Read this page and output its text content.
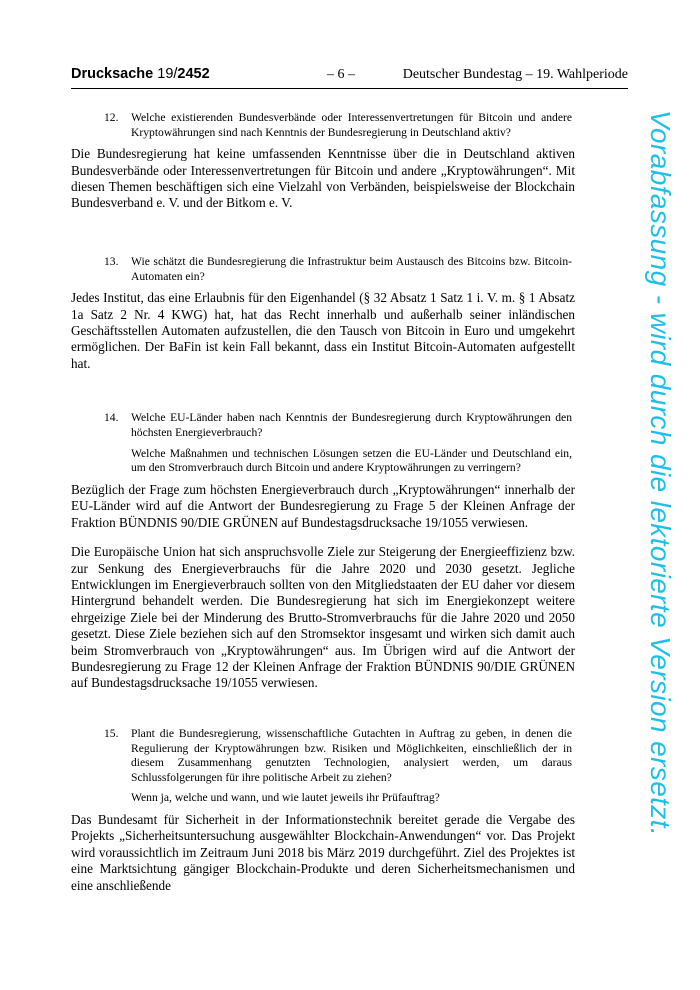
Drucksache 19/2452	– 6 –	Deutscher Bundestag – 19. Wahlperiode
12.	Welche existierenden Bundesverbände oder Interessenvertretungen für Bitcoin und andere Kryptowährungen sind nach Kenntnis der Bundesregierung in Deutschland aktiv?

Die Bundesregierung hat keine umfassenden Kenntnisse über die in Deutschland aktiven Bundesverbände oder Interessenvertretungen für Bitcoin und andere „Kryptowährungen“. Mit diesen Themen beschäftigen sich eine Vielzahl von Verbänden, beispielsweise der Blockchain Bundesverband e. V. und der Bitkom e. V.

13.	Wie schätzt die Bundesregierung die Infrastruktur beim Austausch des Bitcoins bzw. Bitcoin-Automaten ein?

Jedes Institut, das eine Erlaubnis für den Eigenhandel (§ 32 Absatz 1 Satz 1 i. V. m. § 1 Absatz 1a Satz 2 Nr. 4 KWG) hat, hat das Recht innerhalb und außerhalb seiner inländischen Geschäftsstellen Automaten aufzustellen, die den Tausch von Bitcoin in Euro und umgekehrt ermöglichen. Der BaFin ist kein Fall bekannt, dass ein Institut Bitcoin-Automaten aufgestellt hat.

14.	Welche EU-Länder haben nach Kenntnis der Bundesregierung durch Kryptowährungen den höchsten Energieverbrauch?
Welche Maßnahmen und technischen Lösungen setzen die EU-Länder und Deutschland ein, um den Stromverbrauch durch Bitcoin und andere Kryptowährungen zu verringern?

Bezüglich der Frage zum höchsten Energieverbrauch durch „Kryptowährungen“ innerhalb der EU-Länder wird auf die Antwort der Bundesregierung zu Frage 5 der Kleinen Anfrage der Fraktion BÜNDNIS 90/DIE GRÜNEN auf Bundestagsdrucksache 19/1055 verwiesen.

Die Europäische Union hat sich anspruchsvolle Ziele zur Steigerung der Energieeffizienz bzw. zur Senkung des Energieverbrauchs für die Jahre 2020 und 2030 gesetzt. Jegliche Entwicklungen im Energieverbrauch sollten von den Mitgliedstaaten der EU daher vor diesem Hintergrund behandelt werden. Die Bundesregierung hat sich im Energiekonzept weitere ehrgeizige Ziele bei der Minderung des Brutto-Stromverbrauchs für die Jahre 2020 und 2050 gesetzt. Diese Ziele beziehen sich auf den Stromsektor insgesamt und wirken sich damit auch beim Stromverbrauch von „Kryptowährungen“ aus. Im Übrigen wird auf die Antwort der Bundesregierung zu Frage 12 der Kleinen Anfrage der Fraktion BÜNDNIS 90/DIE GRÜNEN auf Bundestagsdrucksache 19/1055 verwiesen.

15.	Plant die Bundesregierung, wissenschaftliche Gutachten in Auftrag zu geben, in denen die Regulierung der Kryptowährungen bzw. Risiken und Möglichkeiten, einschließlich der in diesem Zusammenhang genutzten Technologien, analysiert werden, um daraus Schlussfolgerungen für ihre politische Arbeit zu ziehen?
Wenn ja, welche und wann, und wie lautet jeweils ihr Prüfauftrag?

Das Bundesamt für Sicherheit in der Informationstechnik bereitet gerade die Vergabe des Projekts „Sicherheitsuntersuchung ausgewählter Blockchain-Anwendungen“ vor. Das Projekt wird voraussichtlich im Zeitraum Juni 2018 bis März 2019 durchgeführt. Ziel des Projektes ist eine Marktsichtung gängiger Blockchain-Produkte und deren Sicherheitsmechanismen und eine anschließende

Vorabfassung - wird durch die lektorierte Version ersetzt.
